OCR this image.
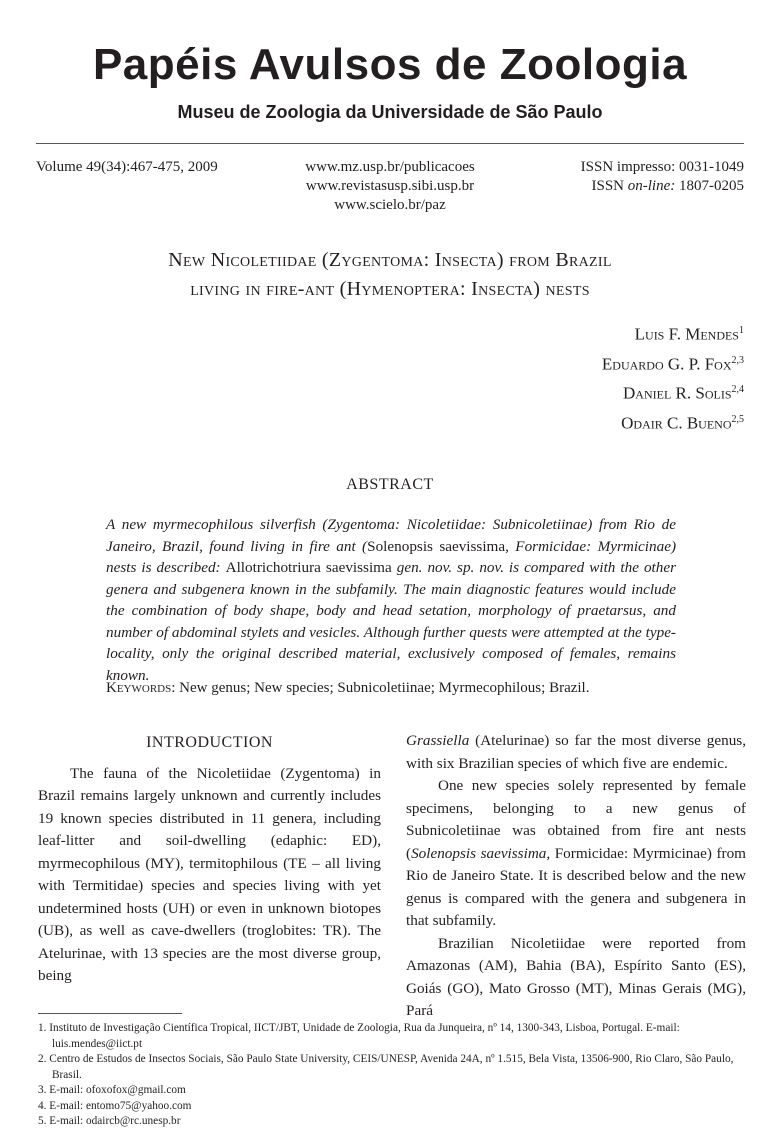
Papéis Avulsos de Zoologia
Museu de Zoologia da Universidade de São Paulo
Volume 49(34):467-475, 2009	www.mz.usp.br/publicacoes
www.revistasusp.sibi.usp.br
www.scielo.br/paz
ISSN impresso: 0031-1049
ISSN on-line: 1807-0205
New Nicoletiidae (Zygentoma: Insecta) from Brazil
living in fire-ant (Hymenoptera: Insecta) nests
Luis F. Mendes$^1$
Eduardo G. P. Fox$^{2,3}$
Daniel R. Solis$^{2,4}$
Odair C. Bueno$^{2,5}$
ABSTRACT
A new myrmecophilous silverfish (Zygentoma: Nicoletiidae: Subnicoletiinae) from Rio de Janeiro, Brazil, found living in fire ant (Solenopsis saevissima, Formicidae: Myrmicinae) nests is described: Allotrichotriura saevissima gen. nov. sp. nov. is compared with the other genera and subgenera known in the subfamily. The main diagnostic features would include the combination of body shape, body and head setation, morphology of praetarsus, and number of abdominal stylets and vesicles. Although further quests were attempted at the type-locality, only the original described material, exclusively composed of females, remains known.
Keywords: New genus; New species; Subnicoletiinae; Myrmecophilous; Brazil.
INTRODUCTION

The fauna of the Nicoletiidae (Zygentoma) in Brazil remains largely unknown and currently includes 19 known species distributed in 11 genera, including leaf-litter and soil-dwelling (edaphic: ED), myrmecophilous (MY), termitophilous (TE – all living with Termitidae) species and species living with yet undetermined hosts (UH) or even in unknown biotopes (UB), as well as cave-dwellers (troglobites: TR). The Atelurinae, with 13 species are the most diverse group, being

Grassiella (Atelurinae) so far the most diverse genus, with six Brazilian species of which five are endemic.

One new species solely represented by female specimens, belonging to a new genus of Subnicoletiinae was obtained from fire ant nests (Solenopsis saevissima, Formicidae: Myrmicinae) from Rio de Janeiro State. It is described below and the new genus is compared with the genera and subgenera in that subfamily.

Brazilian Nicoletiidae were reported from Amazonas (AM), Bahia (BA), Espírito Santo (ES), Goiás (GO), Mato Grosso (MT), Minas Gerais (MG), Pará

1. Instituto de Investigação Científica Tropical, IICT/JBT, Unidade de Zoologia, Rua da Junqueira, nº 14, 1300-343, Lisboa, Portugal. E-mail: luis.mendes@iict.pt
2. Centro de Estudos de Insectos Sociais, São Paulo State University, CEIS/UNESP, Avenida 24A, nº 1.515, Bela Vista, 13506-900, Rio Claro, São Paulo, Brasil.
3. E-mail: ofoxofox@gmail.com
4. E-mail: entomo75@yahoo.com
5. E-mail: odaircb@rc.unesp.br
